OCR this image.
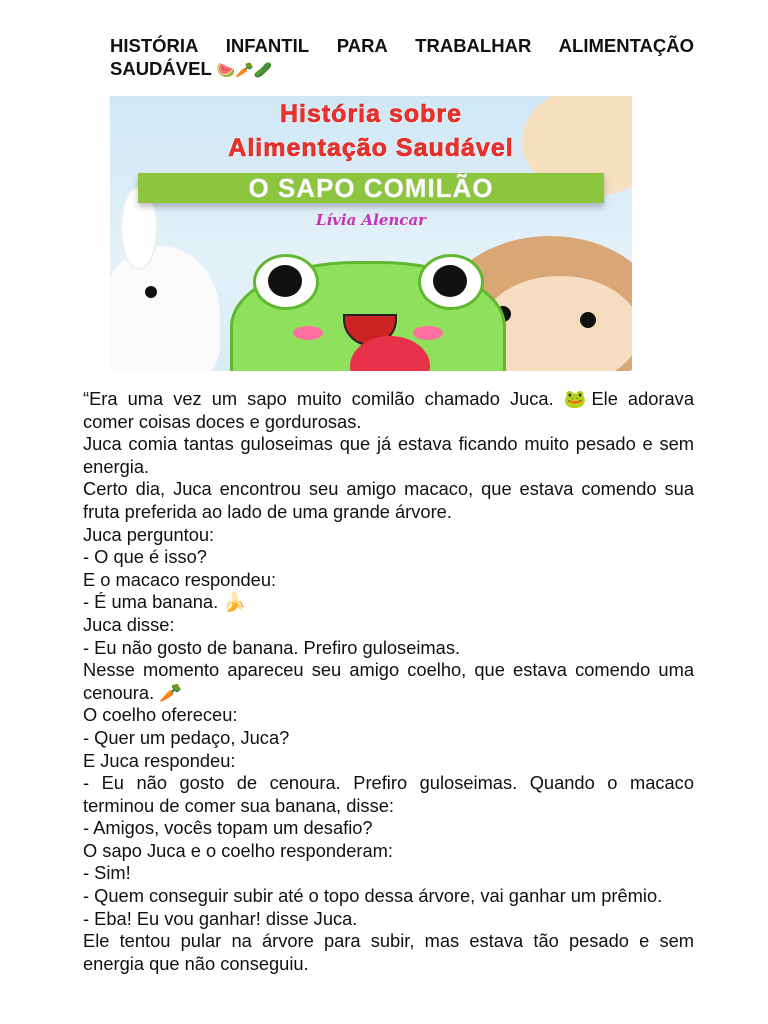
HISTÓRIA INFANTIL PARA TRABALHAR ALIMENTAÇÃO SAUDÁVEL 🍉🥕🥒
História sobre
Alimentação Saudável
O SAPO COMILÃO
Lívia Alencar

“Era uma vez um sapo muito comilão chamado Juca. 🐸Ele adorava comer coisas doces e gordurosas.

Juca comia tantas guloseimas que já estava ficando muito pesado e sem energia.

Certo dia, Juca encontrou seu amigo macaco, que estava comendo sua fruta preferida ao lado de uma grande árvore.

Juca perguntou:

- O que é isso?

E o macaco respondeu:

- É uma banana. 🍌

Juca disse:

- Eu não gosto de banana. Prefiro guloseimas.

Nesse momento apareceu seu amigo coelho, que estava comendo uma cenoura. 🥕

O coelho ofereceu:

- Quer um pedaço, Juca?

E Juca respondeu:

- Eu não gosto de cenoura. Prefiro guloseimas. Quando o macaco terminou de comer sua banana, disse:

- Amigos, vocês topam um desafio?

O sapo Juca e o coelho responderam:

- Sim!

- Quem conseguir subir até o topo dessa árvore, vai ganhar um prêmio.

- Eba! Eu vou ganhar! disse Juca.

Ele tentou pular na árvore para subir, mas estava tão pesado e sem energia que não conseguiu.
